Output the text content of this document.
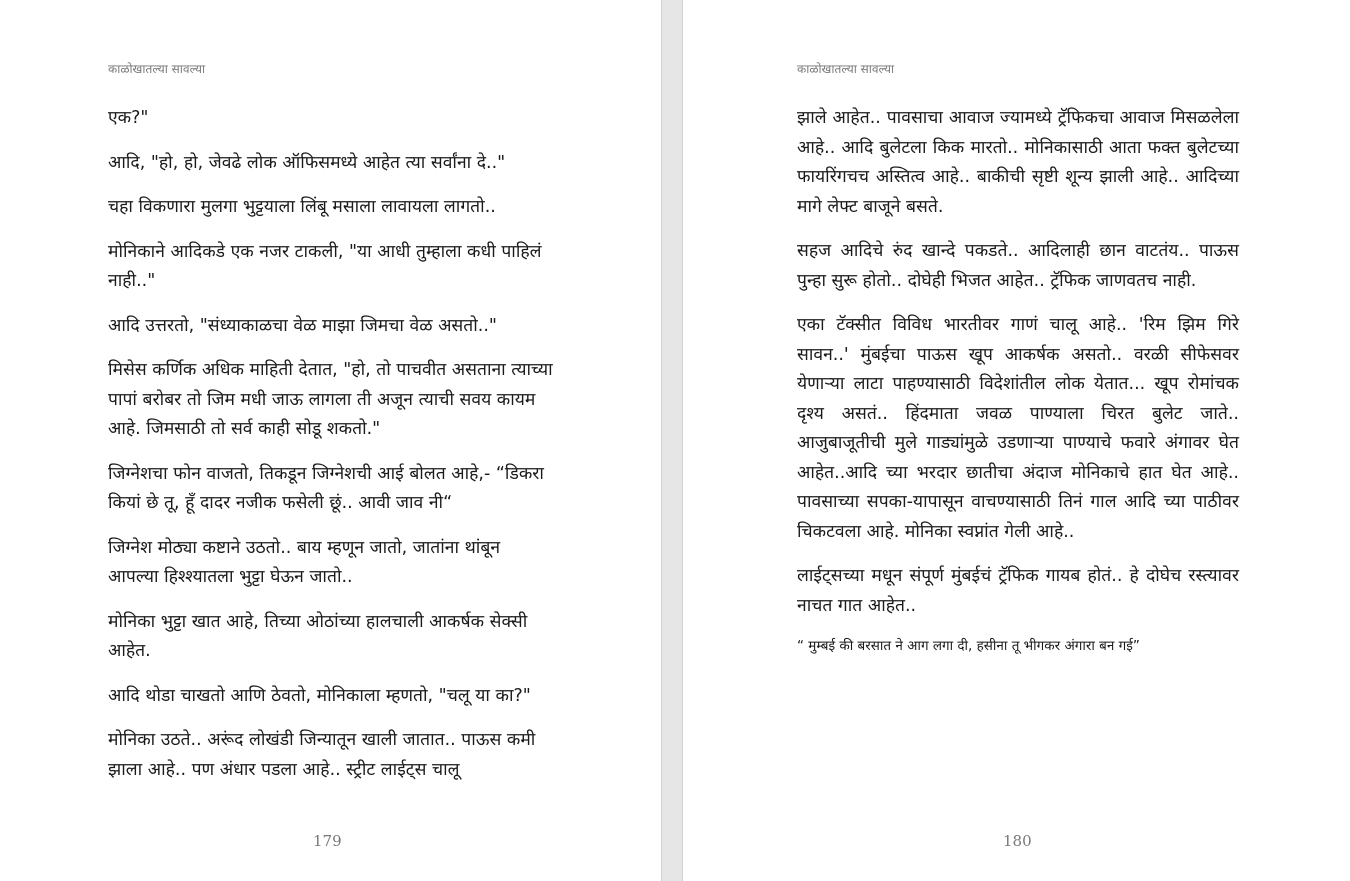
काळोखातल्या सावल्या

एक?"

आदि, "हो, हो, जेवढे लोक ऑफिसमध्ये आहेत त्या सर्वांना दे.."

चहा विकणारा मुलगा भुट्टयाला लिंबू मसाला लावायला लागतो..

मोनिकाने आदिकडे एक नजर टाकली, "या आधी तुम्हाला कधी पाहिलं नाही.."

आदि उत्तरतो, "संध्याकाळचा वेळ माझा जिमचा वेळ असतो.."

मिसेस कर्णिक अधिक माहिती देतात, "हो, तो पाचवीत असताना त्याच्या पापां बरोबर तो जिम मधी जाऊ लागला ती अजून त्याची सवय कायम आहे. जिमसाठी तो सर्व काही सोडू शकतो."

जिग्नेशचा फोन वाजतो, तिकडून जिग्नेशची आई बोलत आहे,- “डिकरा कियां छे तू, हूँ दादर नजीक फसेली छूं.. आवी जाव नी“

जिग्नेश मोठ्या कष्टाने उठतो.. बाय म्हणून जातो, जातांना थांबून आपल्या हिश्श्यातला भुट्टा घेऊन जातो..

मोनिका भुट्टा खात आहे, तिच्या ओठांच्या हालचाली आकर्षक सेक्सी आहेत.

आदि थोडा चाखतो आणि ठेवतो, मोनिकाला म्हणतो, "चलू या का?"

मोनिका उठते.. अरूंद लोखंडी जिन्यातून खाली जातात.. पाऊस कमी झाला आहे.. पण अंधार पडला आहे.. स्ट्रीट लाईट्स चालू

179
काळोखातल्या सावल्या

झाले आहेत.. पावसाचा आवाज ज्यामध्ये ट्रॅफिकचा आवाज मिसळलेला आहे.. आदि बुलेटला किक मारतो.. मोनिकासाठी आता फक्त बुलेटच्या फायरिंगचच अस्तित्व आहे.. बाकीची सृष्टी शून्य झाली आहे.. आदिच्या मागे लेफ्ट बाजूने बसते.

सहज आदिचे रुंद खान्दे पकडते.. आदिलाही छान वाटतंय.. पाऊस पुन्हा सुरू होतो.. दोघेही भिजत आहेत.. ट्रॅफिक जाणवतच नाही.

एका टॅक्सीत विविध भारतीवर गाणं चालू आहे.. 'रिम झिम गिरे सावन..' मुंबईचा पाऊस खूप आकर्षक असतो.. वरळी सीफेसवर येणाऱ्या लाटा पाहण्यासाठी विदेशांतील लोक येतात... खूप रोमांचक दृश्य असतं.. हिंदमाता जवळ पाण्याला चिरत बुलेट जाते.. आजुबाजूतीची मुले गाड्यांमुळे उडणाऱ्या पाण्याचे फवारे अंगावर घेत आहेत..आदि च्या भरदार छातीचा अंदाज मोनिकाचे हात घेत आहे.. पावसाच्या सपका-यापासून वाचण्यासाठी तिनं गाल आदि च्या पाठीवर चिकटवला आहे. मोनिका स्वप्नांत गेली आहे..

लाईट्सच्या मधून संपूर्ण मुंबईचं ट्रॅफिक गायब होतं.. हे दोघेच रस्त्यावर नाचत गात आहेत..

“ मुम्बई की बरसात ने आग लगा दी, हसीना तू भीगकर अंगारा बन गई”

180
